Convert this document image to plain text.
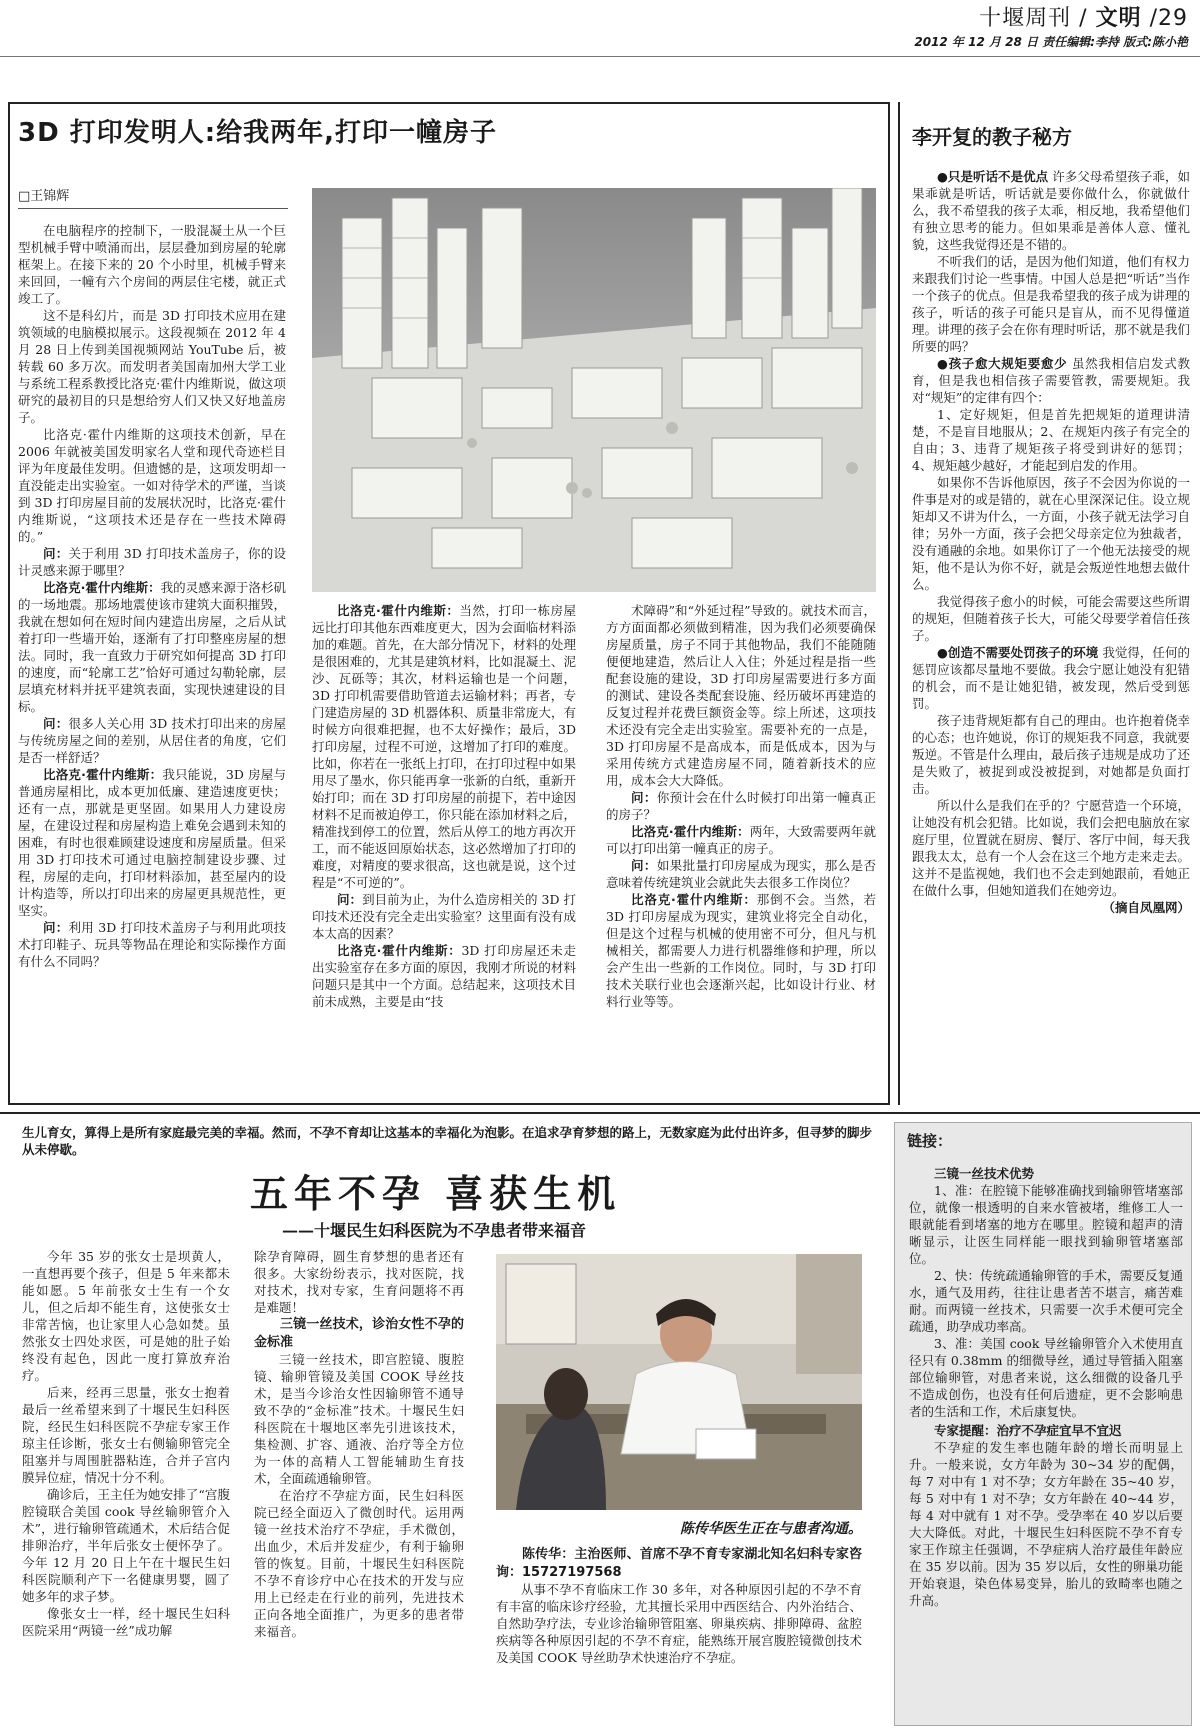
十堰周刊 / 文明 /29
2012 年 12 月 28 日 责任编辑:李持 版式:陈小艳
3D 打印发明人:给我两年,打印一幢房子
□王锦辉

在电脑程序的控制下，一股混凝土从一个巨型机械手臂中喷涌而出，层层叠加到房屋的轮廓框架上。在接下来的 20 个小时里，机械手臂来来回回，一幢有六个房间的两层住宅楼，就正式竣工了。

这不是科幻片，而是 3D 打印技术应用在建筑领域的电脑模拟展示。这段视频在 2012 年 4 月 28 日上传到美国视频网站 YouTube 后，被转载 60 多万次。而发明者美国南加州大学工业与系统工程系教授比洛克·霍什内维斯说，做这项研究的最初目的只是想给穷人们又快又好地盖房子。

比洛克·霍什内维斯的这项技术创新，早在 2006 年就被美国发明家名人堂和现代奇迹栏目评为年度最佳发明。但遗憾的是，这项发明却一直没能走出实验室。一如对待学术的严谨，当谈到 3D 打印房屋目前的发展状况时，比洛克·霍什内维斯说，“这项技术还是存在一些技术障碍的。”

问：关于利用 3D 打印技术盖房子，你的设计灵感来源于哪里？

比洛克·霍什内维斯：我的灵感来源于洛杉矶的一场地震。那场地震使该市建筑大面积摧毁，我就在想如何在短时间内建造出房屋，之后从试着打印一些墙开始，逐渐有了打印整座房屋的想法。同时，我一直致力于研究如何提高 3D 打印的速度，而“轮廓工艺”恰好可通过勾勒轮廓，层层填充材料并抚平建筑表面，实现快速建设的目标。

问：很多人关心用 3D 技术打印出来的房屋与传统房屋之间的差别，从居住者的角度，它们是否一样舒适？

比洛克·霍什内维斯：我只能说，3D 房屋与普通房屋相比，成本更加低廉、建造速度更快；还有一点，那就是更坚固。如果用人力建设房屋，在建设过程和房屋构造上难免会遇到未知的困难，有时也很难顾建设速度和房屋质量。但采用 3D 打印技术可通过电脑控制建设步骤、过程，房屋的走向，打印材料添加，甚至屋内的设计构造等，所以打印出来的房屋更具规范性，更坚实。

问：利用 3D 打印技术盖房子与利用此项技术打印鞋子、玩具等物品在理论和实际操作方面有什么不同吗？

比洛克·霍什内维斯：当然，打印一栋房屋远比打印其他东西难度更大，因为会面临材料添加的难题。首先，在大部分情况下，材料的处理是很困难的，尤其是建筑材料，比如混凝土、泥沙、瓦砾等；其次，材料运输也是一个问题，3D 打印机需要借助管道去运输材料；再者，专门建造房屋的 3D 机器体积、质量非常庞大，有时候方向很难把握，也不太好操作；最后，3D 打印房屋，过程不可逆，这增加了打印的难度。比如，你若在一张纸上打印，在打印过程中如果用尽了墨水，你只能再拿一张新的白纸，重新开始打印；而在 3D 打印房屋的前提下，若中途因材料不足而被迫停工，你只能在添加材料之后，精准找到停工的位置，然后从停工的地方再次开工，而不能返回原始状态，这必然增加了打印的难度，对精度的要求很高，这也就是说，这个过程是“不可逆的”。

问：到目前为止，为什么造房相关的 3D 打印技术还没有完全走出实验室？这里面有没有成本太高的因素？

比洛克·霍什内维斯：3D 打印房屋还未走出实验室存在多方面的原因，我刚才所说的材料问题只是其中一个方面。总结起来，这项技术目前未成熟，主要是由“技

术障碍”和“外延过程”导致的。就技术而言，方方面面都必须做到精准，因为我们必须要确保房屋质量，房子不同于其他物品，我们不能随随便便地建造，然后让人入住；外延过程是指一些配套设施的建设，3D 打印房屋需要进行多方面的测试、建设各类配套设施、经历破坏再建造的反复过程并花费巨额资金等。综上所述，这项技术还没有完全走出实验室。需要补充的一点是，3D 打印房屋不是高成本，而是低成本，因为与采用传统方式建造房屋不同，随着新技术的应用，成本会大大降低。

问：你预计会在什么时候打印出第一幢真正的房子？

比洛克·霍什内维斯：两年，大致需要两年就可以打印出第一幢真正的房子。

问：如果批量打印房屋成为现实，那么是否意味着传统建筑业会就此失去很多工作岗位？

比洛克·霍什内维斯：那倒不会。当然，若 3D 打印房屋成为现实，建筑业将完全自动化，但是这个过程与机械的使用密不可分，但凡与机械相关，都需要人力进行机器维修和护理，所以会产生出一些新的工作岗位。同时，与 3D 打印技术关联行业也会逐渐兴起，比如设计行业、材料行业等等。

李开复的教子秘方

●只是听话不是优点 许多父母希望孩子乖，如果乖就是听话，听话就是要你做什么，你就做什么，我不希望我的孩子太乖，相反地，我希望他们有独立思考的能力。但如果乖是善体人意、懂礼貌，这些我觉得还是不错的。

不听我们的话，是因为他们知道，他们有权力来跟我们讨论一些事情。中国人总是把“听话”当作一个孩子的优点。但是我希望我的孩子成为讲理的孩子，听话的孩子可能只是盲从，而不见得懂道理。讲理的孩子会在你有理时听话，那不就是我们所要的吗？

●孩子愈大规矩要愈少 虽然我相信启发式教育，但是我也相信孩子需要管教，需要规矩。我对“规矩”的定律有四个：

1、定好规矩，但是首先把规矩的道理讲清楚，不是盲目地服从；2、在规矩内孩子有完全的自由；3、违背了规矩孩子将受到讲好的惩罚；4、规矩越少越好，才能起到启发的作用。

如果你不告诉他原因，孩子不会因为你说的一件事是对的或是错的，就在心里深深记住。设立规矩却又不讲为什么，一方面，小孩子就无法学习自律；另外一方面，孩子会把父母亲定位为独裁者，没有通融的余地。如果你订了一个他无法接受的规矩，他不是认为你不好，就是会叛逆性地想去做什么。

我觉得孩子愈小的时候，可能会需要这些所谓的规矩，但随着孩子长大，可能父母要学着信任孩子。

●创造不需要处罚孩子的环境 我觉得，任何的惩罚应该都尽量地不要做。我会宁愿让她没有犯错的机会，而不是让她犯错，被发现，然后受到惩罚。

孩子违背规矩都有自己的理由。也许抱着侥幸的心态；也许她说，你订的规矩我不同意，我就要叛逆。不管是什么理由，最后孩子违规是成功了还是失败了，被捉到或没被捉到，对她都是负面打击。

所以什么是我们在乎的？宁愿营造一个环境，让她没有机会犯错。比如说，我们会把电脑放在家庭厅里，位置就在厨房、餐厅、客厅中间，每天我跟我太太，总有一个人会在这三个地方走来走去。这并不是监视她，我们也不会走到她跟前，看她正在做什么事，但她知道我们在她旁边。

（摘自凤凰网）

生儿育女，算得上是所有家庭最完美的幸福。然而，不孕不育却让这基本的幸福化为泡影。在追求孕育梦想的路上，无数家庭为此付出许多，但寻梦的脚步从未停歇。
五年不孕 喜获生机
——十堰民生妇科医院为不孕患者带来福音

今年 35 岁的张女士是坝黄人，一直想再要个孩子，但是 5 年来都未能如愿。5 年前张女士生有一个女儿，但之后却不能生育，这使张女士非常苦恼，也让家里人心急如焚。虽然张女士四处求医，可是她的肚子始终没有起色，因此一度打算放弃治疗。

后来，经再三思量，张女士抱着最后一丝希望来到了十堰民生妇科医院，经民生妇科医院不孕症专家王作琼主任诊断，张女士右侧输卵管完全阻塞并与周围脏器粘连，合并子宫内膜异位症，情况十分不利。

确诊后，王主任为她安排了“宫腹腔镜联合美国 cook 导丝输卵管介入术”，进行输卵管疏通术，术后结合促排卵治疗，半年后张女士便怀孕了。今年 12 月 20 日上午在十堰民生妇科医院顺利产下一名健康男婴，圆了她多年的求子梦。

像张女士一样，经十堰民生妇科医院采用“两镜一丝”成功解

除孕育障碍，圆生育梦想的患者还有很多。大家纷纷表示，找对医院，找对技术，找对专家，生育问题将不再是难题！

三镜一丝技术，诊治女性不孕的金标准

三镜一丝技术，即宫腔镜、腹腔镜、输卵管镜及美国 COOK 导丝技术，是当今诊治女性因输卵管不通导致不孕的“金标准”技术。十堰民生妇科医院在十堰地区率先引进该技术，集检测、扩容、通液、治疗等全方位为一体的高精人工智能辅助生育技术，全面疏通输卵管。

在治疗不孕症方面，民生妇科医院已经全面迈入了微创时代。运用两镜一丝技术治疗不孕症，手术微创，出血少，术后并发症少，有利于输卵管的恢复。目前，十堰民生妇科医院不孕不育诊疗中心在技术的开发与应用上已经走在行业的前列，先进技术正向各地全面推广，为更多的患者带来福音。

陈传华医生正在与患者沟通。

陈传华：主治医师、首席不孕不育专家湖北知名妇科专家咨询：15727197568

从事不孕不育临床工作 30 多年，对各种原因引起的不孕不育有丰富的临床诊疗经验，尤其擅长采用中西医结合、内外治结合、自然助孕疗法，专业诊治输卵管阻塞、卵巢疾病、排卵障碍、盆腔疾病等各种原因引起的不孕不育症，能熟练开展宫腹腔镜微创技术及美国 COOK 导丝助孕术快速治疗不孕症。

链接：
三镜一丝技术优势

1、准：在腔镜下能够准确找到输卵管堵塞部位，就像一根透明的自来水管被堵，维修工人一眼就能看到堵塞的地方在哪里。腔镜和超声的清晰显示，让医生同样能一眼找到输卵管堵塞部位。

2、快：传统疏通输卵管的手术，需要反复通水，通气及用药，往往让患者苦不堪言，痛苦难耐。而两镜一丝技术，只需要一次手术便可完全疏通，助孕成功率高。

3、准：美国 cook 导丝输卵管介入术使用直径只有 0.38mm 的细微导丝，通过导管插入阻塞部位输卵管，对患者来说，这么细微的设备几乎不造成创伤，也没有任何后遗症，更不会影响患者的生活和工作，术后康复快。

专家提醒：治疗不孕症宜早不宜迟

不孕症的发生率也随年龄的增长而明显上升。一般来说，女方年龄为 30~34 岁的配偶，每 7 对中有 1 对不孕；女方年龄在 35~40 岁，每 5 对中有 1 对不孕；女方年龄在 40~44 岁，每 4 对中就有 1 对不孕。受孕率在 40 岁以后要大大降低。对此，十堰民生妇科医院不孕不育专家王作琼主任强调，不孕症病人治疗最佳年龄应在 35 岁以前。因为 35 岁以后，女性的卵巢功能开始衰退，染色体易变异，胎儿的致畸率也随之升高。
